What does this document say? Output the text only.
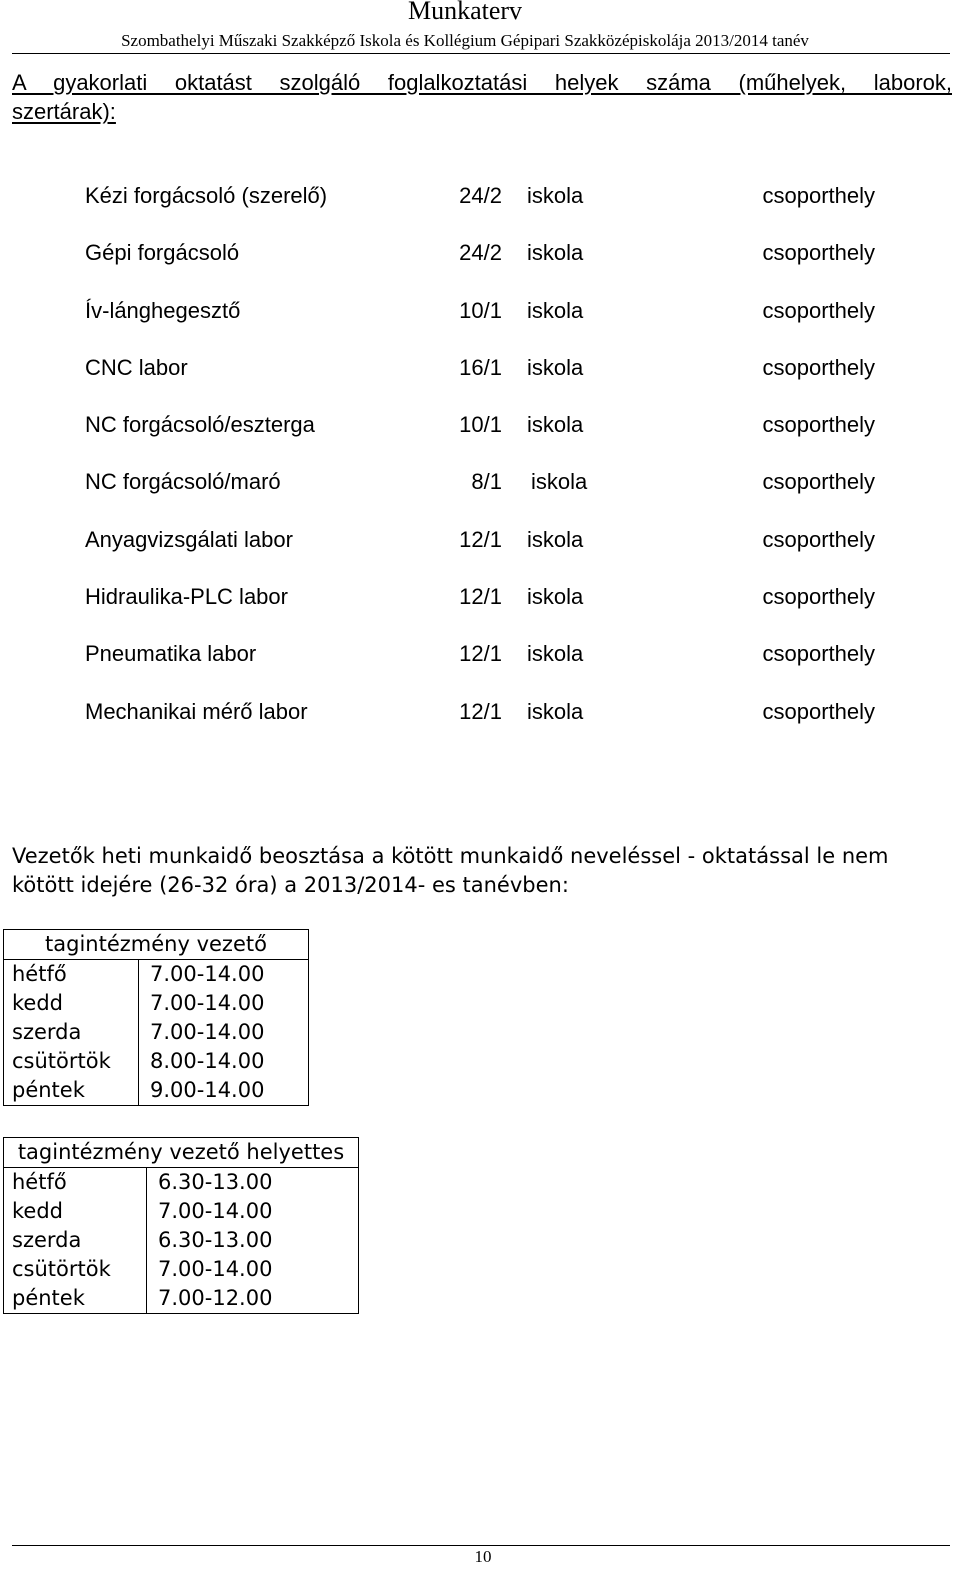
Munkaterv
Szombathelyi Műszaki Szakképző Iskola és Kollégium Gépipari Szakközépiskolája 2013/2014 tanév
A gyakorlati oktatást szolgáló foglalkoztatási helyek száma (műhelyek, laborok,
szertárak):
Kézi forgácsoló (szerelő)	24/2 iskola	csoporthely
Gépi forgácsoló	24/2 iskola	csoporthely
Ív-lánghegesztő	10/1 iskola	csoporthely
CNC labor	16/1 iskola	csoporthely
NC forgácsoló/eszterga	10/1 iskola	csoporthely
NC forgácsoló/maró	8/1 iskola	csoporthely
Anyagvizsgálati labor	12/1 iskola	csoporthely
Hidraulika-PLC labor	12/1 iskola	csoporthely
Pneumatika labor	12/1 iskola	csoporthely
Mechanikai mérő labor	12/1 iskola	csoporthely

Vezetők heti munkaidő beosztása a kötött munkaidő neveléssel - oktatással le nem kötött idejére (26-32 óra) a 2013/2014- es tanévben:

tagintézmény vezető	
hétfő	7.00-14.00
kedd	7.00-14.00
szerda	7.00-14.00
csütörtök	8.00-14.00
péntek	9.00-14.00
tagintézmény vezető helyettes	
hétfő	6.30-13.00
kedd	7.00-14.00
szerda	6.30-13.00
csütörtök	7.00-14.00
péntek	7.00-12.00
10
